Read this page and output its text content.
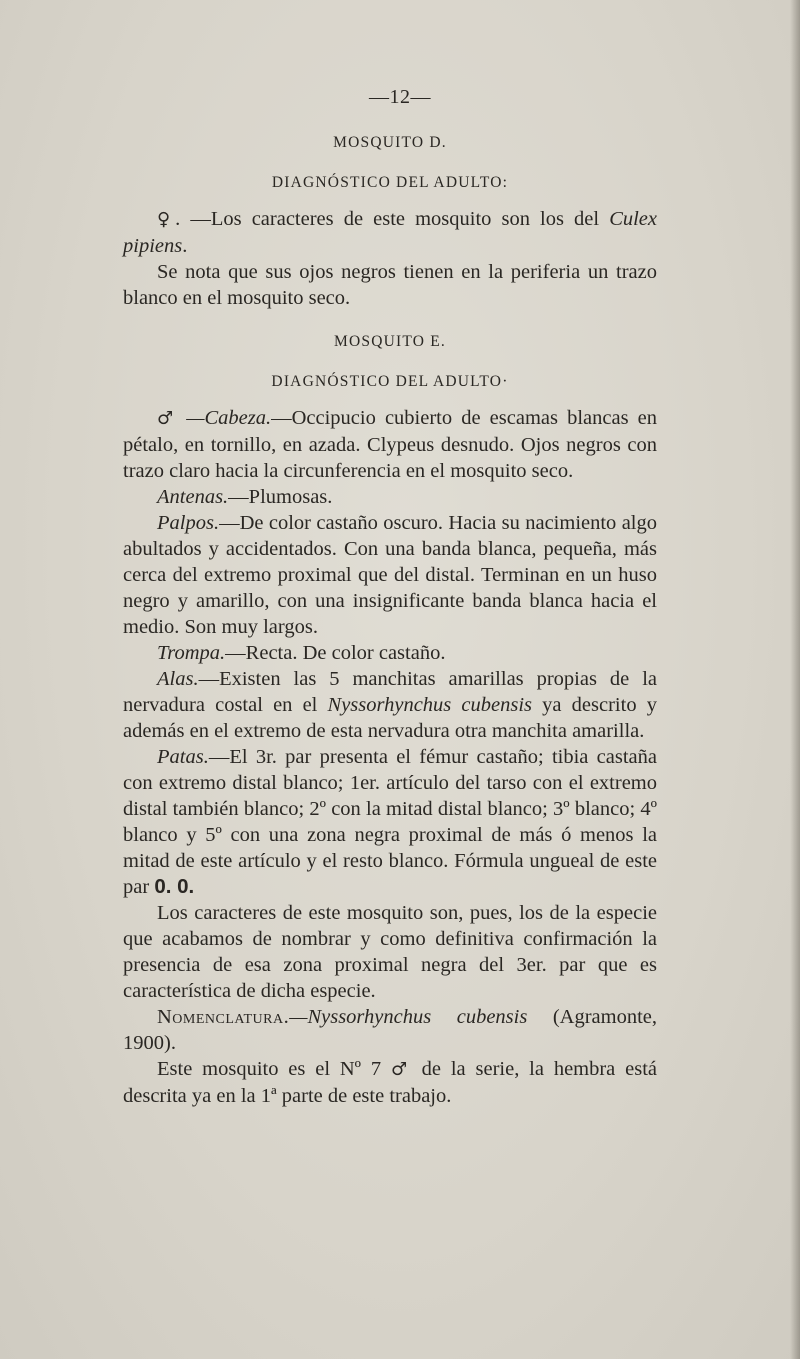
—12—
MOSQUITO D.
DIAGNÓSTICO DEL ADULTO:

♀. —Los caracteres de este mosquito son los del Culex pipiens.

Se nota que sus ojos negros tienen en la periferia un trazo blanco en el mosquito seco.

MOSQUITO E.
DIAGNÓSTICO DEL ADULTO·

♂ —Cabeza.—Occipucio cubierto de escamas blancas en pétalo, en tornillo, en azada. Clypeus desnudo. Ojos negros con trazo claro hacia la circunferencia en el mosquito seco.

Antenas.—Plumosas.

Palpos.—De color castaño oscuro. Hacia su nacimiento algo abultados y accidentados. Con una banda blanca, pequeña, más cerca del extremo proximal que del distal. Terminan en un huso negro y amarillo, con una insignificante banda blanca hacia el medio. Son muy largos.

Trompa.—Recta. De color castaño.

Alas.—Existen las 5 manchitas amarillas propias de la nervadura costal en el Nyssorhynchus cubensis ya descrito y además en el extremo de esta nervadura otra manchita amarilla.

Patas.—El 3r. par presenta el fémur castaño; tibia castaña con extremo distal blanco; 1er. artículo del tarso con el extremo distal también blanco; 2º con la mitad distal blanco; 3º blanco; 4º blanco y 5º con una zona negra proximal de más ó menos la mitad de este artículo y el resto blanco. Fórmula ungueal de este par 0. 0.

Los caracteres de este mosquito son, pues, los de la especie que acabamos de nombrar y como definitiva confirmación la presencia de esa zona proximal negra del 3er. par que es característica de dicha especie.

Nomenclatura.—Nyssorhynchus cubensis (Agramonte, 1900).

Este mosquito es el Nº 7 ♂ de la serie, la hembra está descrita ya en la 1ª parte de este trabajo.
